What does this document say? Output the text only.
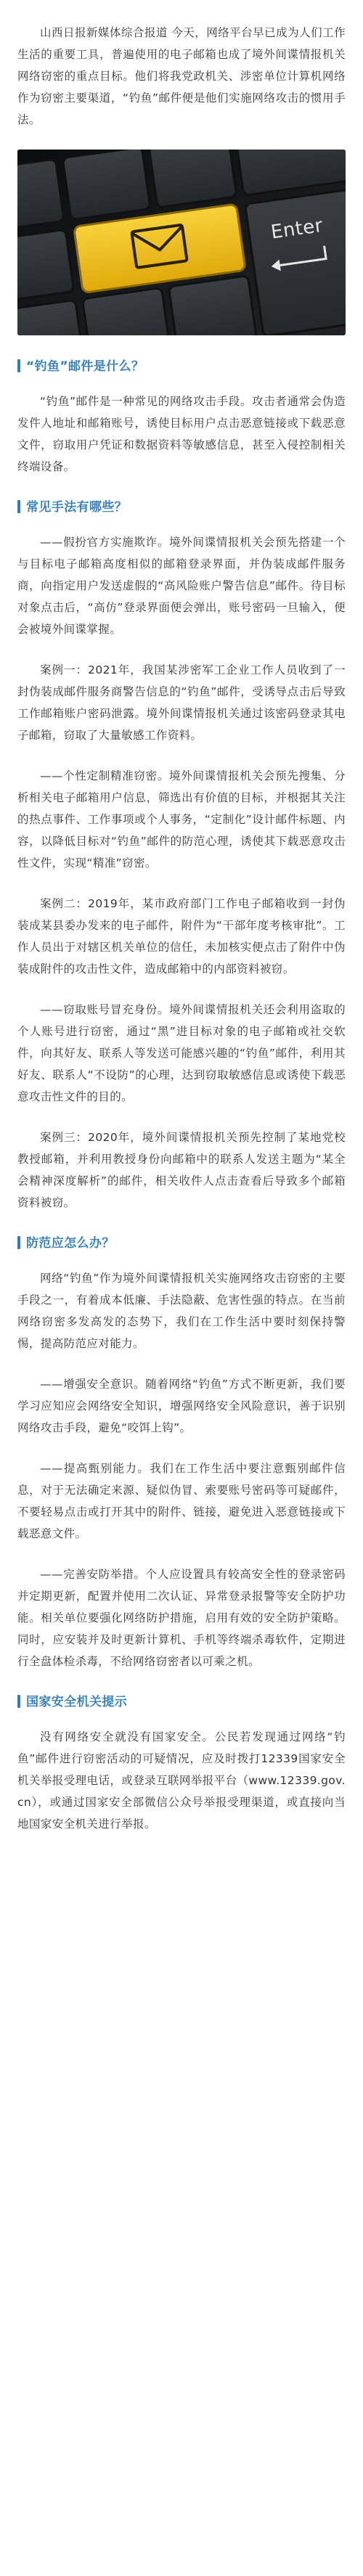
山西日报新媒体综合报道 今天，网络平台早已成为人们工作生活的重要工具，普遍使用的电子邮箱也成了境外间谍情报机关网络窃密的重点目标。他们将我党政机关、涉密单位计算机网络作为窃密主要渠道，“钓鱼”邮件便是他们实施网络攻击的惯用手法。

Enter
“钓鱼”邮件是什么？

“钓鱼”邮件是一种常见的网络攻击手段。攻击者通常会伪造发件人地址和邮箱账号，诱使目标用户点击恶意链接或下载恶意文件，窃取用户凭证和数据资料等敏感信息，甚至入侵控制相关终端设备。

常见手法有哪些？

——假扮官方实施欺诈。境外间谍情报机关会预先搭建一个与目标电子邮箱高度相似的邮箱登录界面，并伪装成邮件服务商，向指定用户发送虚假的“高风险账户警告信息”邮件。待目标对象点击后，“高仿”登录界面便会弹出，账号密码一旦输入，便会被境外间谍掌握。

案例一：2021年，我国某涉密军工企业工作人员收到了一封伪装成邮件服务商警告信息的“钓鱼”邮件，受诱导点击后导致工作邮箱账户密码泄露。境外间谍情报机关通过该密码登录其电子邮箱，窃取了大量敏感工作资料。

——个性定制精准窃密。境外间谍情报机关会预先搜集、分析相关电子邮箱用户信息，筛选出有价值的目标，并根据其关注的热点事件、工作事项或个人事务，“定制化”设计邮件标题、内容，以降低目标对“钓鱼”邮件的防范心理，诱使其下载恶意攻击性文件，实现“精准”窃密。

案例二：2019年，某市政府部门工作电子邮箱收到一封伪装成某县委办发来的电子邮件，附件为“干部年度考核审批”。工作人员出于对辖区机关单位的信任，未加核实便点击了附件中伪装成附件的攻击性文件，造成邮箱中的内部资料被窃。

——窃取账号冒充身份。境外间谍情报机关还会利用盗取的个人账号进行窃密，通过“黑”进目标对象的电子邮箱或社交软件，向其好友、联系人等发送可能感兴趣的“钓鱼”邮件，利用其好友、联系人“不设防”的心理，达到窃取敏感信息或诱使下载恶意攻击性文件的目的。

案例三：2020年，境外间谍情报机关预先控制了某地党校教授邮箱，并利用教授身份向邮箱中的联系人发送主题为“某全会精神深度解析”的邮件，相关收件人点击查看后导致多个邮箱资料被窃。

防范应怎么办？

网络“钓鱼”作为境外间谍情报机关实施网络攻击窃密的主要手段之一，有着成本低廉、手法隐蔽、危害性强的特点。在当前网络窃密多发高发的态势下，我们在工作生活中要时刻保持警惕，提高防范应对能力。

——增强安全意识。随着网络“钓鱼”方式不断更新，我们要学习应知应会网络安全知识，增强网络安全风险意识，善于识别网络攻击手段，避免“咬饵上钩”。

——提高甄别能力。我们在工作生活中要注意甄别邮件信息，对于无法确定来源、疑似伪冒、索要账号密码等可疑邮件，不要轻易点击或打开其中的附件、链接，避免进入恶意链接或下载恶意文件。

——完善安防举措。个人应设置具有较高安全性的登录密码并定期更新，配置并使用二次认证、异常登录报警等安全防护功能。相关单位要强化网络防护措施，启用有效的安全防护策略。同时，应安装并及时更新计算机、手机等终端杀毒软件，定期进行全盘体检杀毒，不给网络窃密者以可乘之机。

国家安全机关提示

没有网络安全就没有国家安全。公民若发现通过网络“钓鱼”邮件进行窃密活动的可疑情况，应及时拨打12339国家安全机关举报受理电话，或登录互联网举报平台（www.12339.gov.cn），或通过国家安全部微信公众号举报受理渠道，或直接向当地国家安全机关进行举报。
